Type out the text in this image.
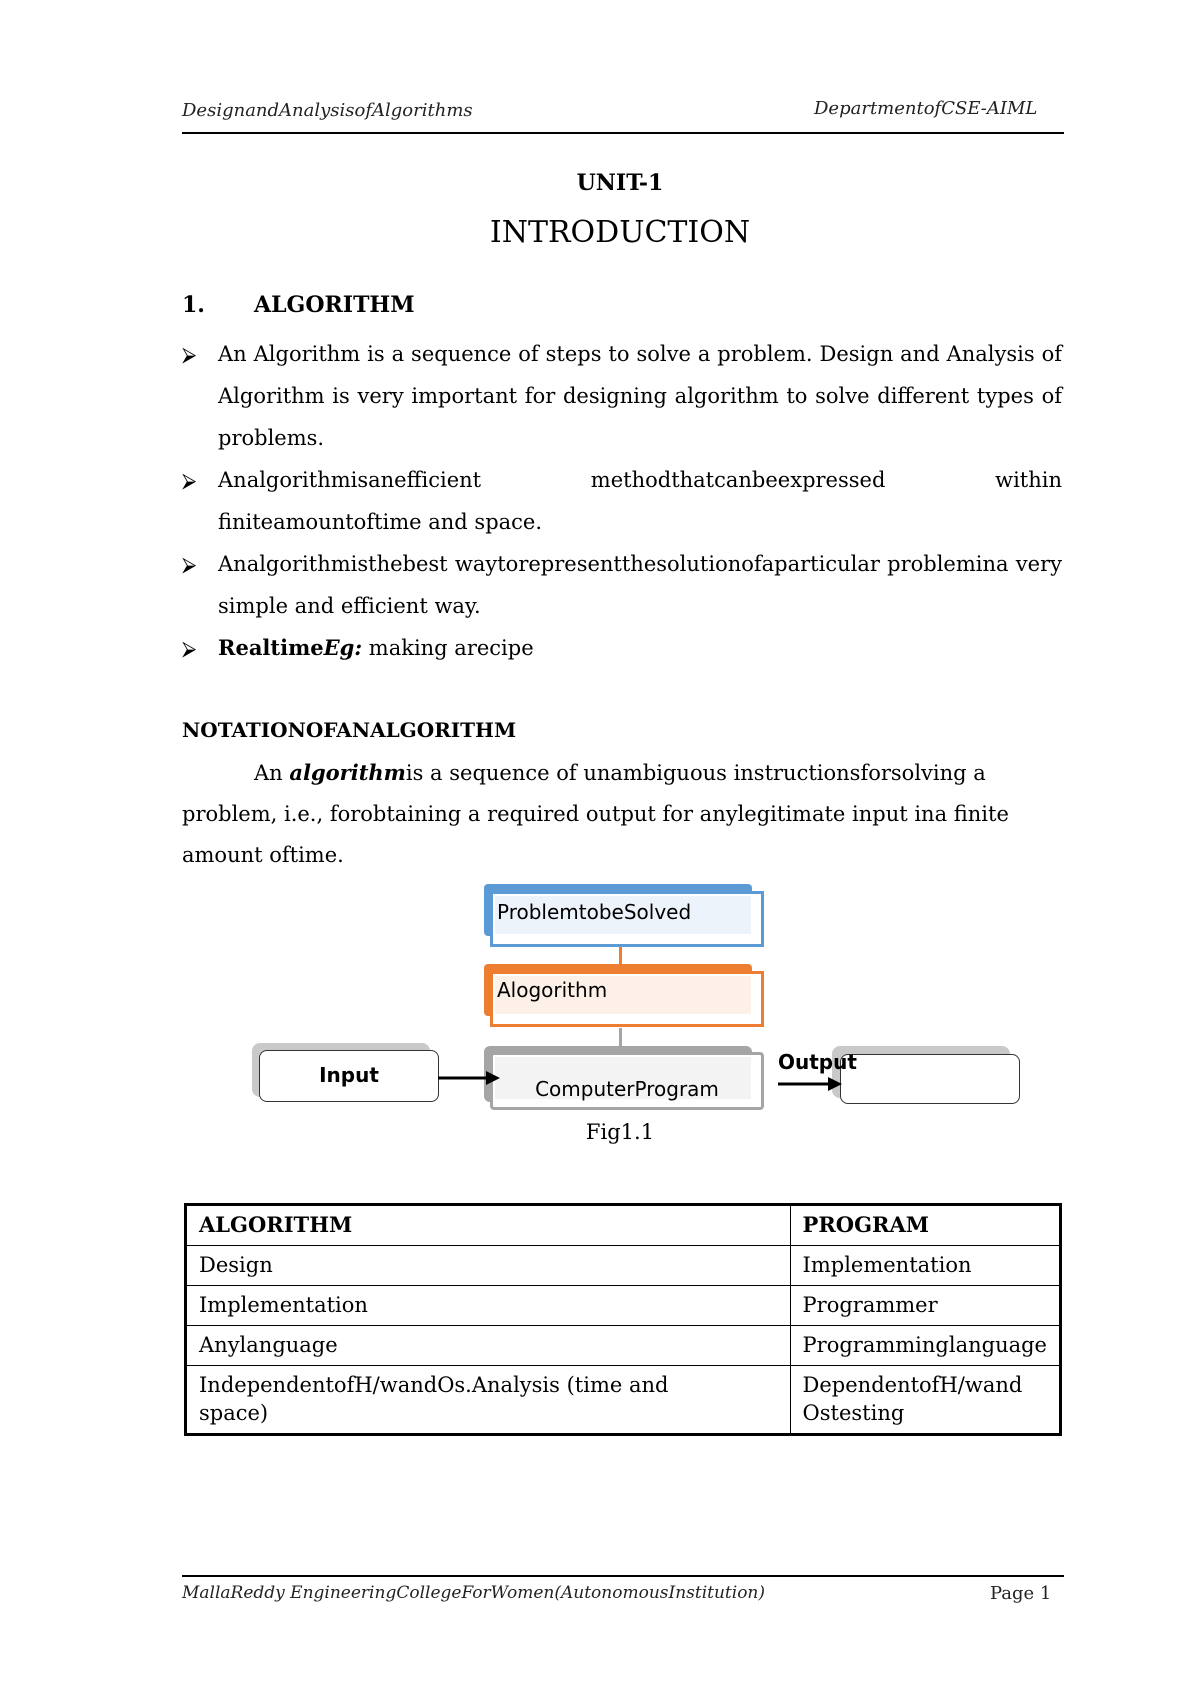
DesignandAnalysisofAlgorithms	DepartmentofCSE-AIML
UNIT-1
INTRODUCTION
1. ALGORITHM
⮚ An Algorithm is a sequence of steps to solve a problem. Design and Analysis of Algorithm is very important for designing algorithm to solve different types of problems.
⮚ Analgorithmisanefficient methodthatcanbeexpressed within finiteamountoftime and space.
⮚ Analgorithmisthebest waytorepresentthesolutionofaparticular problemina very simple and efficient way.
⮚ RealtimeEg: making arecipe
NOTATIONOFANALGORITHM
An algorithmis a sequence of unambiguous instructionsforsolving a problem, i.e., forobtaining a required output for anylegitimate input ina finite amount oftime.
ProblemtobeSolved
Alogorithm
ComputerProgram
Input
Output
Fig1.1
ALGORITHM	PROGRAM
Design	Implementation
Implementation	Programmer
Anylanguage	Programminglanguage
IndependentofH/wandOs.Analysis (time and space)	DependentofH/wand Ostesting
MallaReddy EngineeringCollegeForWomen(AutonomousInstitution)	Page 1
